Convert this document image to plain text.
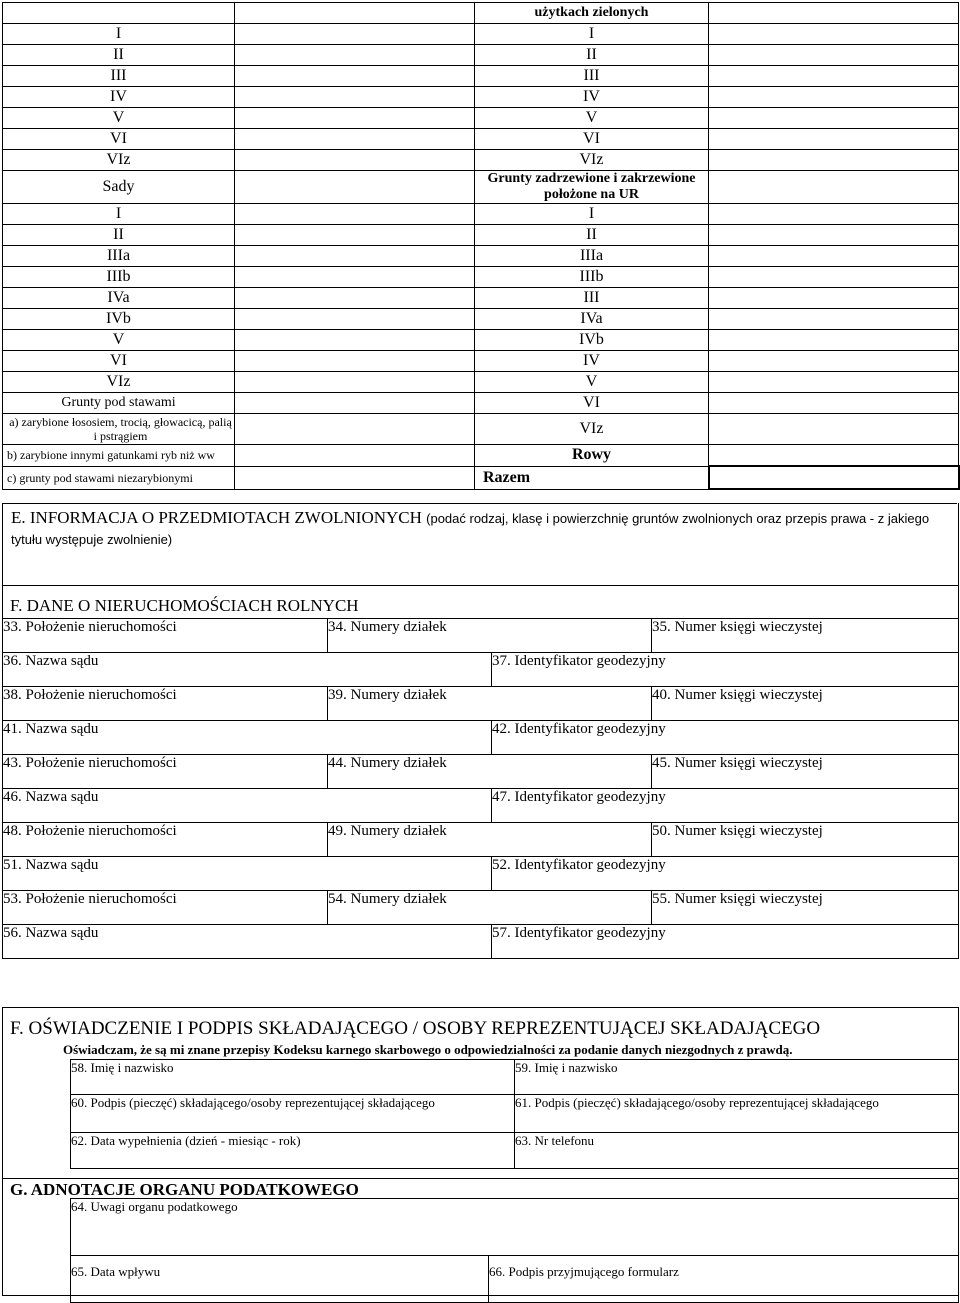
		użytkach zielonych	
I		I	
II		II	
III		III	
IV		IV	
V		V	
VI		VI	
VIz		VIz	
Sady		Grunty zadrzewione i zakrzewione położone na UR	
I		I	
II		II	
IIIa		IIIa	
IIIb		IIIb	
IVa		III	
IVb		IVa	
V		IVb	
VI		IV	
VIz		V	
Grunty pod stawami		VI	
a) zarybione łososiem, trocią, głowacicą, palią i pstrągiem		VIz	
b) zarybione innymi gatunkami ryb niż ww		Rowy	
c) grunty pod stawami niezarybionymi		Razem	
E. INFORMACJA O PRZEDMIOTACH ZWOLNIONYCH (podać rodzaj, klasę i powierzchnię gruntów zwolnionych oraz przepis prawa - z jakiego tytułu występuje zwolnienie)
F. DANE O NIERUCHOMOŚCIACH ROLNYCH
33. Położenie nieruchomości	34. Numery działek		35. Numer księgi wieczystej
36. Nazwa sądu		37. Identyfikator geodezyjny	
38. Położenie nieruchomości	39. Numery działek		40. Numer księgi wieczystej
41. Nazwa sądu		42. Identyfikator geodezyjny	
43. Położenie nieruchomości	44. Numery działek		45. Numer księgi wieczystej
46. Nazwa sądu		47. Identyfikator geodezyjny	
48. Położenie nieruchomości	49. Numery działek		50. Numer księgi wieczystej
51. Nazwa sądu		52. Identyfikator geodezyjny	
53. Położenie nieruchomości	54. Numery działek		55. Numer księgi wieczystej
56. Nazwa sądu		57. Identyfikator geodezyjny	
F. OŚWIADCZENIE I PODPIS SKŁADAJĄCEGO / OSOBY REPREZENTUJĄCEJ SKŁADAJĄCEGO
Oświadczam, że są mi znane przepisy Kodeksu karnego skarbowego o odpowiedzialności za podanie danych niezgodnych z prawdą.
58. Imię i nazwisko	59. Imię i nazwisko
60. Podpis (pieczęć) składającego/osoby reprezentującej składającego	61. Podpis (pieczęć) składającego/osoby reprezentującej składającego
62. Data wypełnienia (dzień - miesiąc - rok)	63. Nr telefonu
G. ADNOTACJE ORGANU PODATKOWEGO
64. Uwagi organu podatkowego
65. Data wpływu	66. Podpis przyjmującego formularz
